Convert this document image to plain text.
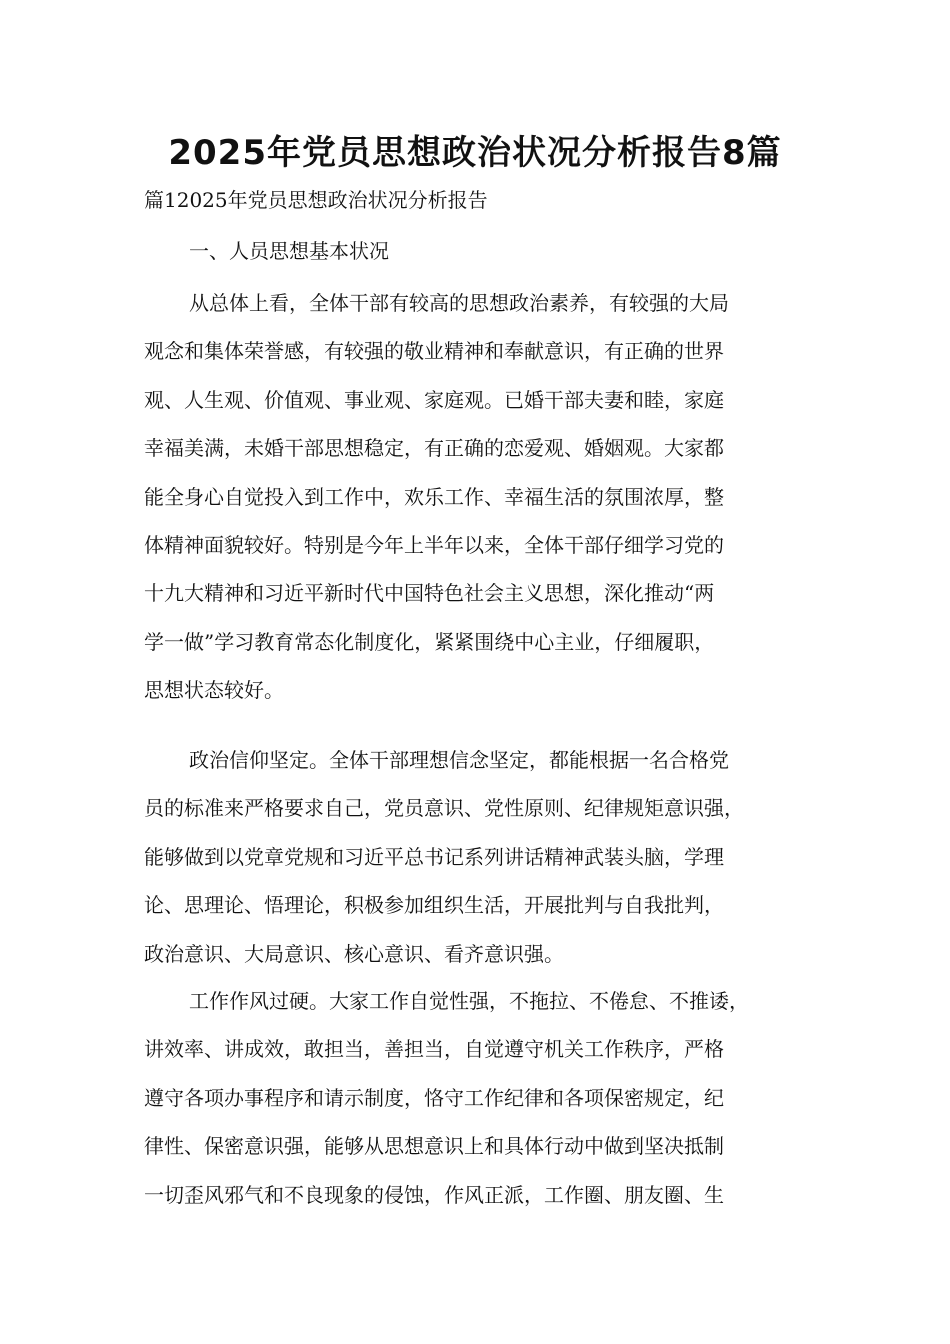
2025年党员思想政治状况分析报告8篇

篇12025年党员思想政治状况分析报告

一、人员思想基本状况

从总体上看，全体干部有较高的思想政治素养，有较强的大局
观念和集体荣誉感，有较强的敬业精神和奉献意识，有正确的世界
观、人生观、价值观、事业观、家庭观。已婚干部夫妻和睦，家庭
幸福美满，未婚干部思想稳定，有正确的恋爱观、婚姻观。大家都
能全身心自觉投入到工作中，欢乐工作、幸福生活的氛围浓厚，整
体精神面貌较好。特别是今年上半年以来，全体干部仔细学习党的
十九大精神和习近平新时代中国特色社会主义思想，深化推动“两
学一做”学习教育常态化制度化，紧紧围绕中心主业，仔细履职，
思想状态较好。
政治信仰坚定。全体干部理想信念坚定，都能根据一名合格党
员的标准来严格要求自己，党员意识、党性原则、纪律规矩意识强，
能够做到以党章党规和习近平总书记系列讲话精神武装头脑，学理
论、思理论、悟理论，积极参加组织生活，开展批判与自我批判，
政治意识、大局意识、核心意识、看齐意识强。
工作作风过硬。大家工作自觉性强，不拖拉、不倦怠、不推诿，
讲效率、讲成效，敢担当，善担当，自觉遵守机关工作秩序，严格
遵守各项办事程序和请示制度，恪守工作纪律和各项保密规定，纪
律性、保密意识强，能够从思想意识上和具体行动中做到坚决抵制
一切歪风邪气和不良现象的侵蚀，作风正派，工作圈、朋友圈、生
